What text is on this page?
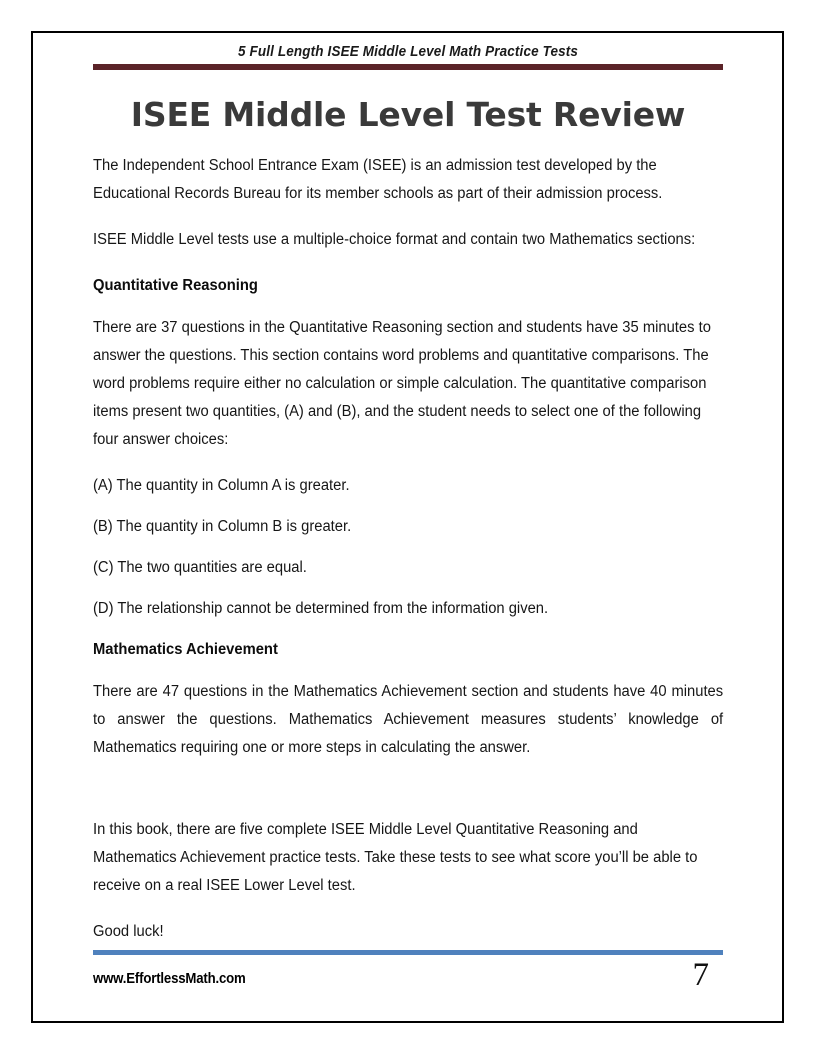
5 Full Length ISEE Middle Level Math Practice Tests
ISEE Middle Level Test Review

The Independent School Entrance Exam (ISEE) is an admission test developed by the Educational Records Bureau for its member schools as part of their admission process.

ISEE Middle Level tests use a multiple-choice format and contain two Mathematics sections:

Quantitative Reasoning

There are 37 questions in the Quantitative Reasoning section and students have 35 minutes to answer the questions. This section contains word problems and quantitative comparisons. The word problems require either no calculation or simple calculation. The quantitative comparison items present two quantities, (A) and (B), and the student needs to select one of the following four answer choices:

(A) The quantity in Column A is greater.

(B) The quantity in Column B is greater.

(C) The two quantities are equal.

(D) The relationship cannot be determined from the information given.

Mathematics Achievement

There are 47 questions in the Mathematics Achievement section and students have 40 minutes to answer the questions. Mathematics Achievement measures students’ knowledge of Mathematics requiring one or more steps in calculating the answer.

In this book, there are five complete ISEE Middle Level Quantitative Reasoning and Mathematics Achievement practice tests. Take these tests to see what score you’ll be able to receive on a real ISEE Lower Level test.

Good luck!

www.EffortlessMath.com	7
